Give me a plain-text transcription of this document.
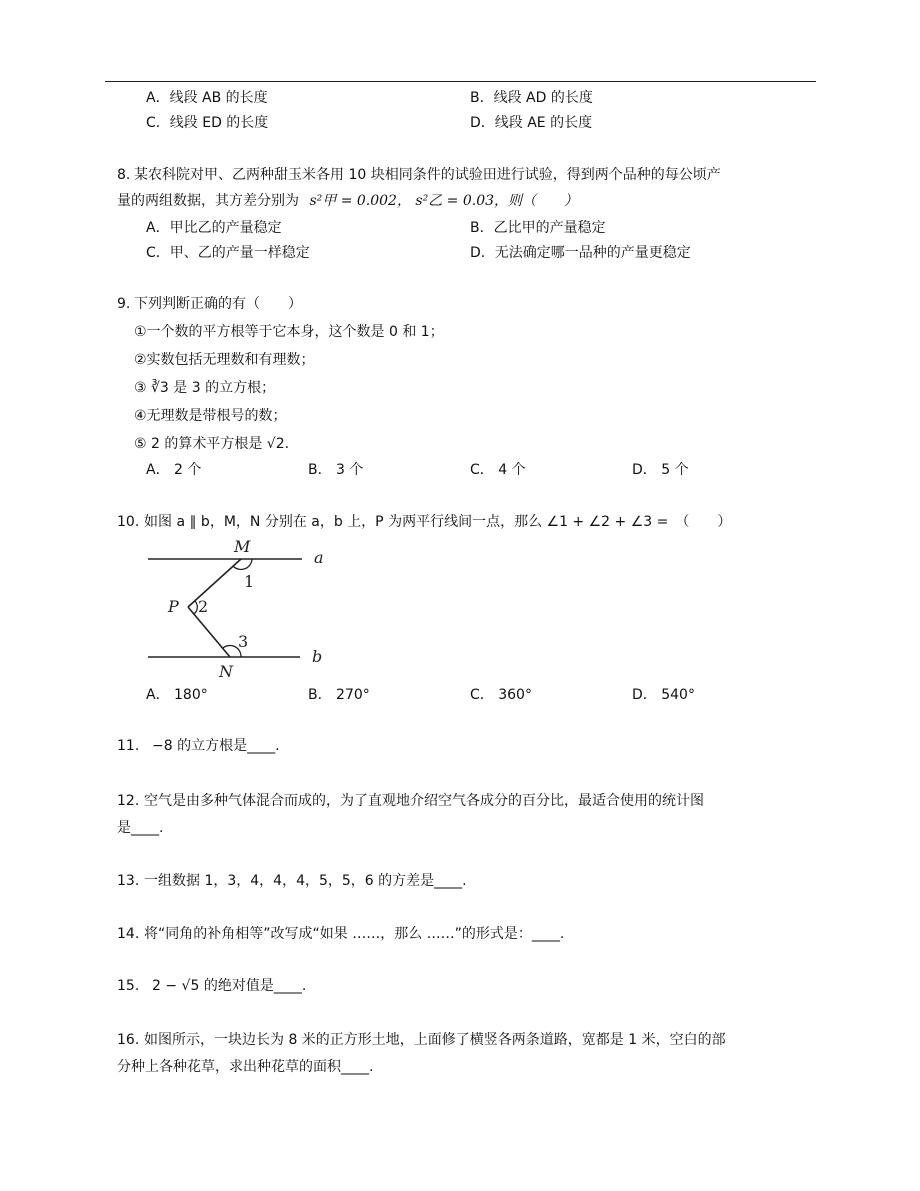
A．线段 AB 的长度	B．线段 AD 的长度
C．线段 ED 的长度	D．线段 AE 的长度
8. 某农科院对甲、乙两种甜玉米各用 10 块相同条件的试验田进行试验，得到两个品种的每公顷产
量的两组数据，其方差分别为 s²甲 = 0.002， s²乙 = 0.03，则（　　）
A．甲比乙的产量稳定	B．乙比甲的产量稳定
C．甲、乙的产量一样稳定	D．无法确定哪一品种的产量更稳定
9. 下列判断正确的有（　　）
①一个数的平方根等于它本身，这个数是 0 和 1；
②实数包括无理数和有理数；
③ ∛3 是 3 的立方根；
④无理数是带根号的数；
⑤ 2 的算术平方根是 √2.
A． 2 个	B． 3 个	C． 4 个	D． 5 个
10. 如图 a ∥ b，M，N 分别在 a，b 上，P 为两平行线间一点，那么 ∠1 + ∠2 + ∠3 =　（　　）
M
a
1
P 2
3
N
b
A． 180°	B． 270°	C． 360°	D． 540°
11. −8 的立方根是____.
12. 空气是由多种气体混合而成的，为了直观地介绍空气各成分的百分比，最适合使用的统计图
是____.
13. 一组数据 1，3，4，4，4，5，5，6 的方差是____.
14. 将“同角的补角相等”改写成“如果 ……，那么 ……”的形式是：____.
15. 2 − √5 的绝对值是____.
16. 如图所示，一块边长为 8 米的正方形土地，上面修了横竖各两条道路，宽都是 1 米，空白的部
分种上各种花草，求出种花草的面积____.
